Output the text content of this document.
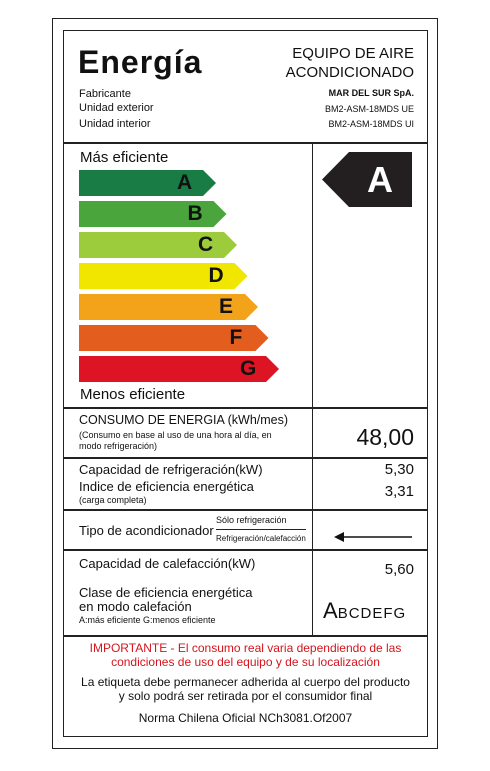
Energía	EQUIPO DE AIRE
ACONDICIONADO
Fabricante	MAR DEL SUR SpA.
Unidad exterior	BM2-ASM-18MDS UE
Unidad interior	BM2-ASM-18MDS UI
Más eficiente
A
B
C
D
E
F
G
Menos eficiente
A
CONSUMO DE ENERGIA (kWh/mes)
(Consumo en base al uso de una hora al día, en
modo refrigeración)	48,00
Capacidad de refrigeración(kW)	5,30
Indice de eficiencia energética
(carga completa)	3,31
Tipo de acondicionador
Sólo refrigeración
Refrigeración/calefacción
Capacidad de calefacción(kW)	5,60
Clase de eficiencia energética
en modo calefación
A:más eficiente G:menos eficiente	ABCDEFG
IMPORTANTE - El consumo real varia dependiendo de las
condiciones de uso del equipo y de su localización
La etiqueta debe permanecer adherida al cuerpo del producto
y solo podrá ser retirada por el consumidor final
Norma Chilena Oficial NCh3081.Of2007
